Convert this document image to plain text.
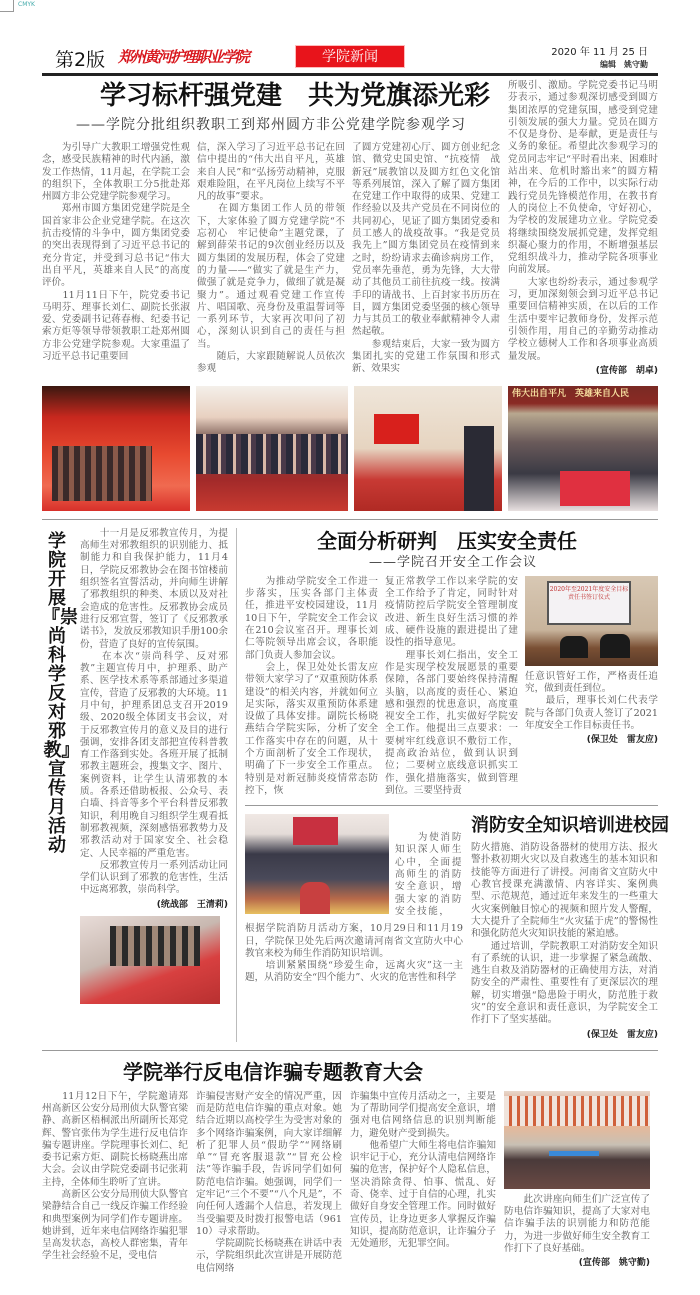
CMYK
第2版 郑州黄河护理职业学院	学院新闻	2020 年 11 月 25 日
编辑　姚守勤
学习标杆强党建　共为党旗添光彩
——学院分批组织教职工到郑州圆方非公党建学院参观学习
　　为引导广大教职工增强党性观念，感受民族精神的时代内涵，激发工作热情，11月起，在学院工会的组织下，全体教职工分5批赴郑州圆方非公党建学院参观学习。
　　郑州市圆方集团党建学院是全国首家非公企业党建学院。在这次抗击疫情的斗争中，圆方集团党委的突出表现得到了习近平总书记的充分肯定，并受到习总书记“伟大出自平凡，英雄来自人民”的高度评价。
　　11月11日下午，院党委书记马明芬、理事长刘仁、副院长张淑爱、党委副书记蒋春梅、纪委书记索方炬等领导带领教职工赴郑州圆方非公党建学院参观。大家重温了习近平总书记重要回
信，深入学习了习近平总书记在回信中提出的“伟大出自平凡，英雄来自人民”和“弘扬劳动精神，克服艰难险阻，在平凡岗位上续写不平凡的故事”要求。
　　在圆方集团工作人员的带领下，大家体验了圆方党建学院“不忘初心　牢记使命”主题党课，了解到薛荣书记的9次创业经历以及圆方集团的发展历程，体会了党建的力量——“做实了就是生产力，做强了就是竞争力，做细了就是凝聚力”。通过观看党建工作宣传片、唱国歌、亮身份及重温誓词等一系列环节，大家再次叩问了初心，深刻认识到自己的责任与担当。
　　随后，大家跟随解说人员依次参观
了圆方党建初心厅、圆方创业纪念馆、微党史国史馆、“抗疫情　战新冠”展教馆以及圆方红色文化馆等系列展馆，深入了解了圆方集团在党建工作中取得的成果、党建工作经验以及共产党员在不同岗位的共同初心，见证了圆方集团党委和员工感人的战疫故事。“我是党员我先上”圆方集团党员在疫情到来之时，纷纷请求去确诊病房工作，党员率先垂范，勇为先锋，大大带动了其他员工前往抗疫一线。按满手印的请战书、上百封家书历历在目，圆方集团党委坚强的核心领导力与其员工的敬业奉献精神令人肃然起敬。
　　参观结束后，大家一致为圆方集团扎实的党建工作氛围和形式新、效果实
所吸引、激励。学院党委书记马明芬表示，通过参观深切感受到圆方集团浓厚的党建氛围，感受到党建引领发展的强大力量。党员在圆方不仅是身份、是奉献，更是责任与义务的象征。希望此次参观学习的党员同志牢记“平时看出来、困难时站出来、危机时豁出来”的圆方精神，在今后的工作中，以实际行动践行党员先锋模范作用，在教书育人的岗位上不负使命，守好初心，为学校的发展建功立业。学院党委将继续围绕发展抓党建，发挥党组织凝心聚力的作用，不断增强基层党组织战斗力，推动学院各项事业向前发展。
　　大家也纷纷表示，通过参观学习，更加深刻领会到习近平总书记重要回信精神实质，在以后的工作生活中要牢记教师身份，发挥示范引领作用，用自己的辛勤劳动推动学校立德树人工作和各项事业高质量发展。
(宣传部　胡卓)
伟大出自平凡　英雄来自人民
学院开展『崇尚科学　反对邪教』宣传月活动
　　十一月是反邪教宣传月，为提高师生对邪教组织的识别能力、抵制能力和自我保护能力，11月4日，学院反邪教协会在图书馆楼前组织签名宣誓活动，并向师生讲解了邪教组织的种类、本质以及对社会造成的危害性。反邪教协会成员进行反邪宣誓，签订了《反邪教承诺书》，发放反邪教知识手册100余份，营造了良好的宣传氛围。
　　在本次“崇尚科学、反对邪教”主题宣传月中，护理系、助产系、医学技术系等系部通过多渠道宣传，营造了反邪教的大环境。11月中旬，护理系团总支召开2019级、2020级全体团支书会议，对于反邪教宣传月的意义及目的进行强调，安排各团支部把宣传科普教育工作落到实处。各班开展了抵制邪教主题班会，搜集文字、图片、案例资料，让学生认清邪教的本质。各系还借助板报、公众号、表白墙、抖音等多个平台科普反邪教知识，利用晚自习组织学生观看抵制邪教视频，深刻感悟邪教势力及邪教活动对于国家安全、社会稳定、人民幸福的严重危害。
　　反邪教宣传月一系列活动让同学们认识到了邪教的危害性，生活中远离邪教，崇尚科学。
(统战部　王清莉)
全面分析研判　压实安全责任
——学院召开安全工作会议
　　为推动学院安全工作进一步落实，压实各部门主体责任，推进平安校园建设，11月10日下午，学院安全工作会议在210会议室召开。理事长刘仁等院领导出席会议，各职能部门负责人参加会议。
　　会上，保卫处处长雷友应带领大家学习了“双重预防体系建设”的相关内容，并就如何立足实际，落实双重预防体系建设做了具体安排。副院长杨晓燕结合学院实际，分析了安全工作落实中存在的问题，从十个方面剖析了安全工作现状，明确了下一步安全工作重点。特别是对新冠肺炎疫情常态防控下，恢
复正常教学工作以来学院的安全工作给予了肯定，同时针对疫情防控后学院安全管理制度改进、新生良好生活习惯的养成、硬件设施的跟进提出了建设性的指导意见。
　　理事长刘仁指出，安全工作是实现学校发展愿景的重要保障，各部门要始终保持清醒头脑，以高度的责任心、紧迫感和强烈的忧患意识，高度重视安全工作，扎实做好学院安全工作。他提出三点要求：一要树牢红线意识不敷衍工作，提高政治站位，做到认识到位；二要树立底线意识抓实工作，强化措施落实，做到管理到位。三要坚持责
2020年至2021年度安全目标责任书签订仪式
任意识管好工作，严格责任追究，做到责任到位。
　　最后，理事长刘仁代表学院与各部门负责人签订了2021年度安全工作目标责任书。
(保卫处　雷友应)
　　为使消防知识深人师生心中，全面提高师生的消防安全意识，增强大家的消防安全技能，
根据学院消防月活动方案，10月29日和11月19日，学院保卫处先后两次邀请河南省文宣防火中心教官来校为师生作消防知识培训。
　　培训紧紧围绕“珍爱生命，远离火灾”这一主题，从消防安全“四个能力”、火灾的危害性和科学
消防安全知识培训进校园
防火措施、消防设备器材的使用方法、报火警扑救初期火灾以及自救逃生的基本知识和技能等方面进行了讲授。河南省文宣防火中心教官授课充满激情、内容详实、案例典型、示范规范，通过近年来发生的一些重大火灾案例触目惊心的视频和照片发人警醒，大大提升了全院师生“火灾猛于虎”的警惕性和强化防范火灾知识技能的紧迫感。
　　通过培训，学院教职工对消防安全知识有了系统的认识，进一步掌握了紧急疏散、逃生自救及消防器材的正确使用方法，对消防安全的严肃性、重要性有了更深层次的理解，切实增强“隐患险于明火，防范胜于救灾”的安全意识和责任意识，为学院安全工作打下了坚实基础。
(保卫处　雷友应)
学院举行反电信诈骗专题教育大会
　　11月12日下午，学院邀请郑州高新区公安分局刑侦大队警官梁静、高新区梧桐派出所副所长郑党辉、警官张伟为学生进行反电信诈骗专题讲座。学院理事长刘仁、纪委书记索方炬、副院长杨晓燕出席大会。会议由学院党委副书记张莉主持，全体师生聆听了宣讲。
　　高新区公安分局刑侦大队警官梁静结合自己一线反诈骗工作经验和典型案例为同学们作专题讲座。她讲到，近年来电信网络诈骗犯罪呈高发状态，高校人群密集，青年学生社会经验不足，受电信
诈骗侵害财产安全的情况严重，因而是防范电信诈骗的重点对象。她结合近期以高校学生为受害对象的多个网络诈骗案例，向大家详细解析了犯罪人员“假助学”“网络刷单”“冒充客服退款”“冒充公检法”等诈骗手段，告诉同学们如何防范电信诈骗。她强调，同学们一定牢记“三个不要”“八个凡是”，不向任何人透漏个人信息，若发现上当受骗要及时拨打报警电话（96110）寻求帮助。
　　学院副院长杨晓燕在讲话中表示，学院组织此次宣讲是开展防范电信网络
诈骗集中宣传月活动之一，主要是为了帮助同学们提高安全意识，增强对电信网络信息的识别判断能力，避免财产受到损失。
　　他希望广大师生将电信诈骗知识牢记于心，充分认清电信网络诈骗的危害，保护好个人隐私信息，坚决消除贪得、怕事、慌乱、好奇、侥幸、过于自信的心理，扎实做好自身安全管理工作。同时做好宣传员，让身边更多人掌握反诈骗知识，提高防范意识，让诈骗分子无处遁形，无犯罪空间。
　　此次讲座向师生们广泛宣传了防电信诈骗知识，提高了大家对电信诈骗手法的识别能力和防范能力，为进一步做好师生安全教育工作打下了良好基础。
(宣传部　姚守勤)
